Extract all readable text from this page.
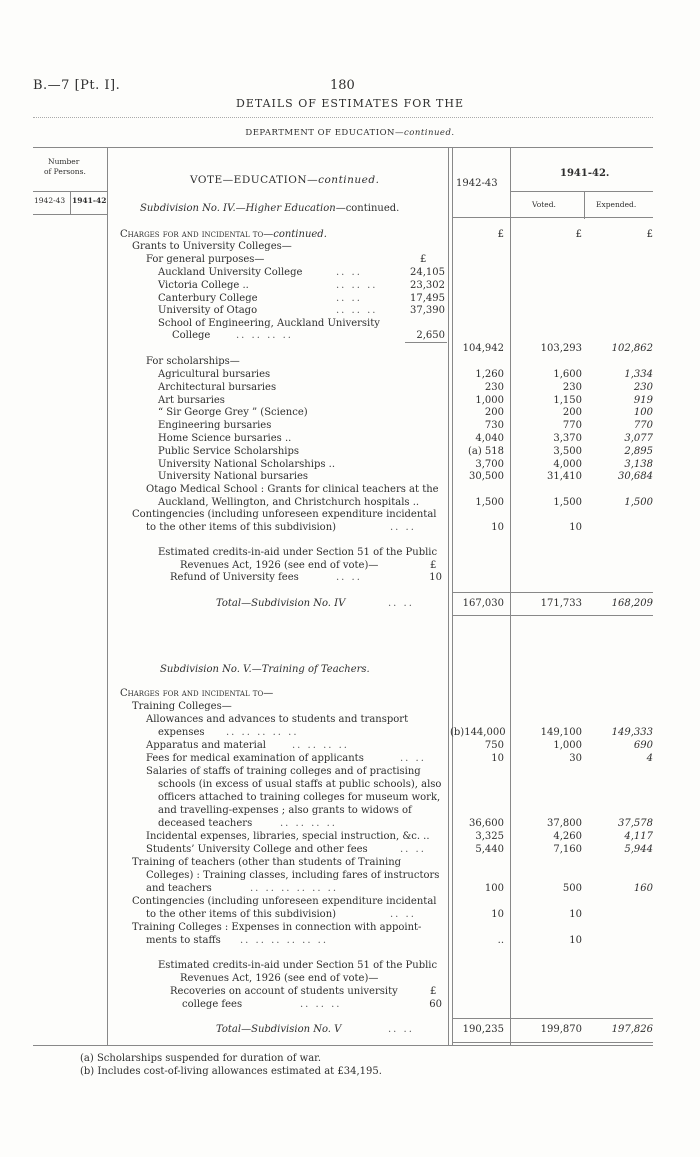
B.—7 [Pt. I].	180
DETAILS OF ESTIMATES FOR THE
DEPARTMENT OF EDUCATION—continued.
Number
of Persons.
1942-43 1941-42
VOTE—EDUCATION—continued.	1942-43
1941-42.
Voted.	Expended.
Subdivision No. IV.—Higher Education—continued.
Charges for and incidental to—continued.	£	£	£
Grants to University Colleges—
For general purposes—	£
Auckland University College	.. ..	24,105
Victoria College ..	.. .. ..	23,302
Canterbury College	.. ..	17,495
University of Otago	.. .. ..	37,390
School of Engineering, Auckland University
College	.. .. .. ..	2,650
104,942	103,293	102,862
For scholarships—
Agricultural bursaries	1,260	1,600	1,334
Architectural bursaries	230	230	230
Art bursaries	1,000	1,150	919
“ Sir George Grey ” (Science)	200	200	100
Engineering bursaries	730	770	770
Home Science bursaries ..	4,040	3,370	3,077
Public Service Scholarships	(a) 518	3,500	2,895
University National Scholarships ..	3,700	4,000	3,138
University National bursaries	30,500	31,410	30,684
Otago Medical School : Grants for clinical teachers at the
Auckland, Wellington, and Christchurch hospitals ..	1,500	1,500	1,500
Contingencies (including unforeseen expenditure incidental
to the other items of this subdivision)	.. ..	10	10
Estimated credits-in-aid under Section 51 of the Public
Revenues Act, 1926 (see end of vote)—	£
Refund of University fees	.. ..	10
Total—Subdivision No. IV	.. ..	167,030	171,733	168,209
Subdivision No. V.—Training of Teachers.
Charges for and incidental to—
Training Colleges—
Allowances and advances to students and transport
expenses .. .. .. .. ..	(b)144,000	149,100	149,333
Apparatus and material	.. .. .. ..	750	1,000	690
Fees for medical examination of applicants	.. ..	10	30	4
Salaries of staffs of training colleges and of practising
schools (in excess of usual staffs at public schools), also
officers attached to training colleges for museum work,
and travelling-expenses ; also grants to widows of
deceased teachers	.. .. .. ..	36,600	37,800	37,578
Incidental expenses, libraries, special instruction, &c. ..	3,325	4,260	4,117
Students’ University College and other fees	.. ..	5,440	7,160	5,944
Training of teachers (other than students of Training
Colleges) : Training classes, including fares of instructors
and teachers	.. .. .. .. .. ..	100	500	160
Contingencies (including unforeseen expenditure incidental
to the other items of this subdivision)	.. ..	10	10
Training Colleges : Expenses in connection with appoint-
ments to staffs .. .. .. .. .. ..	..	10
Estimated credits-in-aid under Section 51 of the Public
Revenues Act, 1926 (see end of vote)—
Recoveries on account of students university	£
college fees	.. .. ..	60
Total—Subdivision No. V	.. ..	190,235	199,870	197,826
(a) Scholarships suspended for duration of war.
(b) Includes cost-of-living allowances estimated at £34,195.
